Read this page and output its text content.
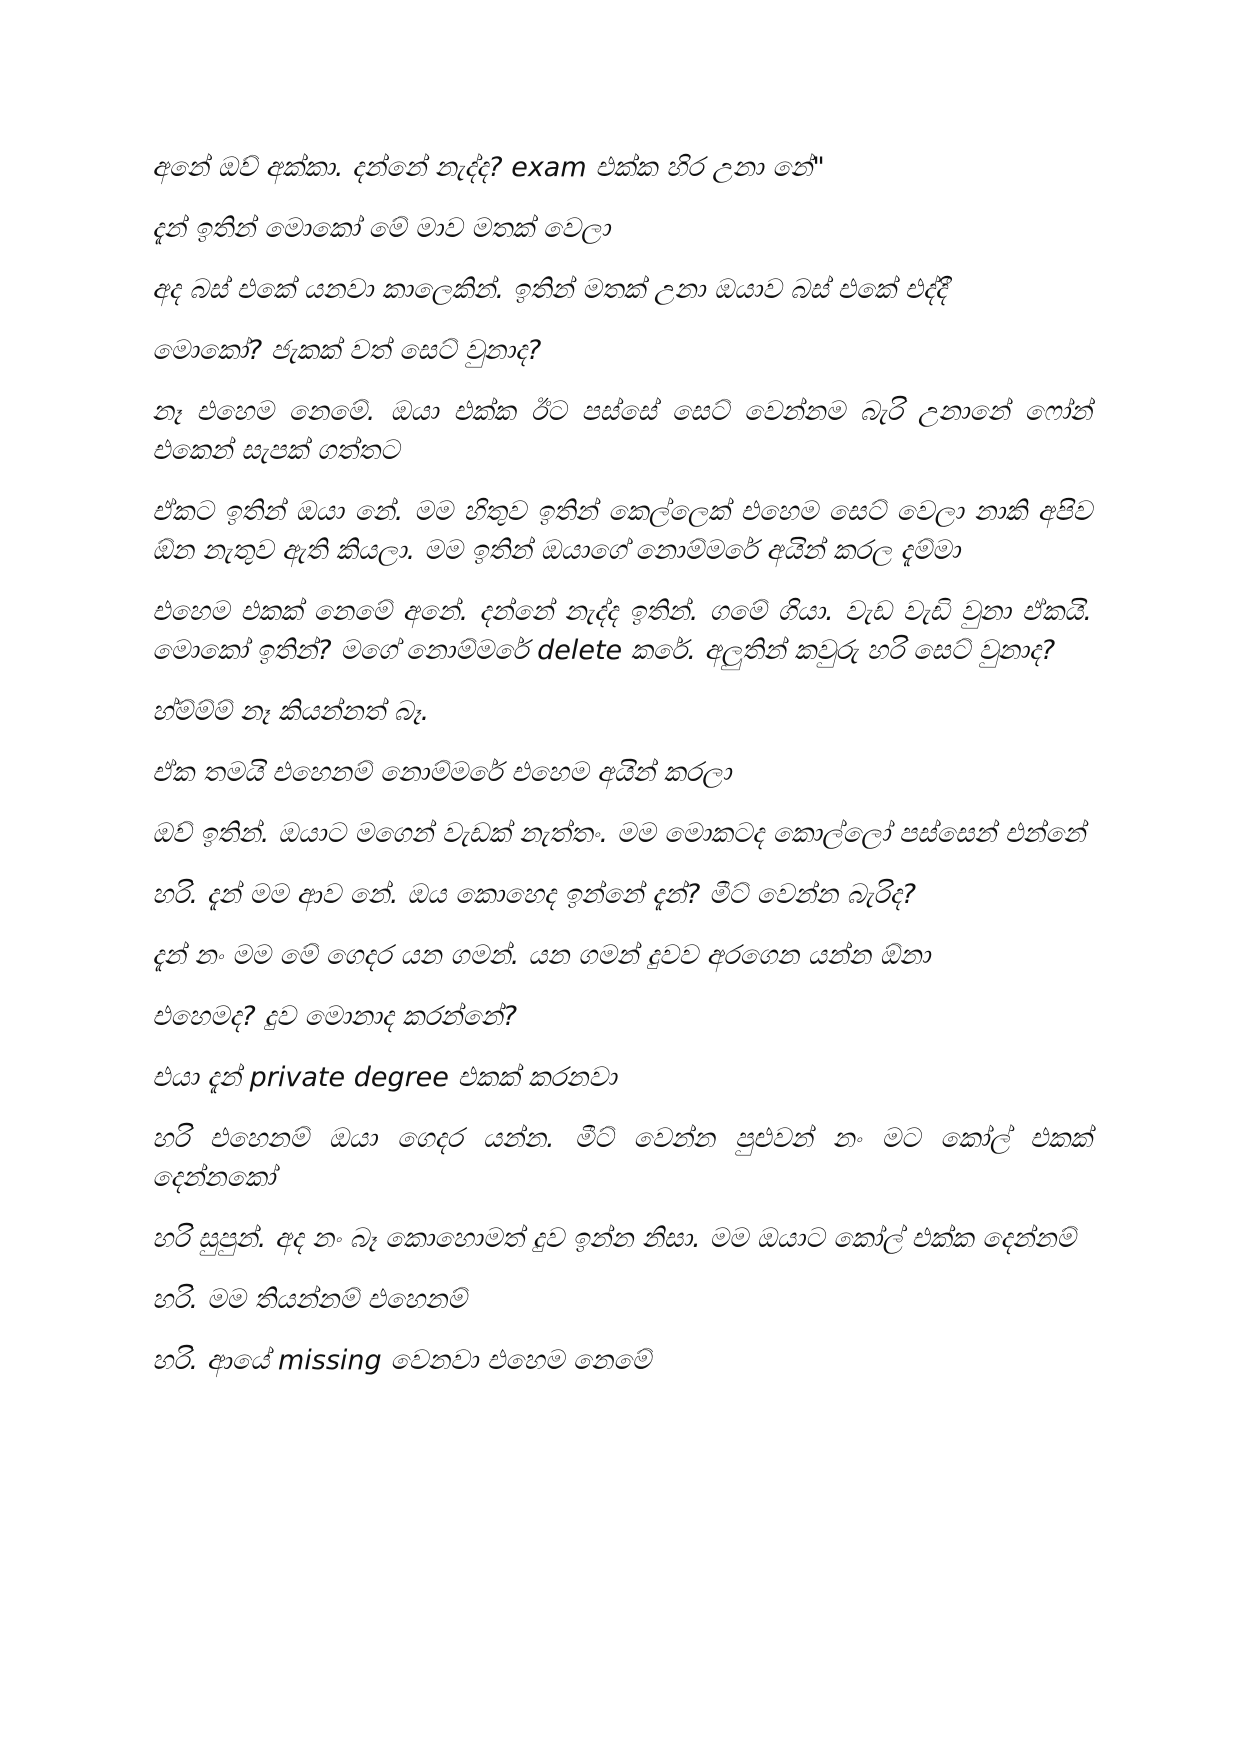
අනේ ඔව් අක්කා. දන්නේ නැද්ද? exam එක්ක හිර උනා නේ"

දැන් ඉතින් මොකෝ මේ මාව මතක් වෙලා

අද බස් එකේ යනවා කාලෙකින්. ඉතින් මතක් උනා ඔයාව බස් එකේ එද්දී

මොකෝ? ජැකක් වත් සෙට් වුනාද?

නෑ එහෙම නෙමේ. ඔයා එක්ක ඊට පස්සේ සෙට් වෙන්නම බැරි උනානේ ෆෝන් එකෙන් සැපක් ගත්තට

ඒකට ඉතින් ඔයා නේ. මම හිතුව ඉතින් කෙල්ලෙක් එහෙම සෙට් වෙලා නාකි අපිව ඕන නැතුව ඇති කියලා. මම ඉතින් ඔයාගේ නොම්මරේ අයින් කරල දැම්මා

එහෙම එකක් නෙමේ අනේ. දන්නේ නැද්ද ඉතින්. ගමේ ගියා. වැඩ වැඩි වුනා ඒකයි. මොකෝ ඉතින්? මගේ නොම්මරේ delete කරේ. අලුතින් කවුරු හරි සෙට් වුනාද?

හ්ම්ම්ම් නෑ කියන්නත් බෑ.

ඒක තමයි එහෙනම් නොම්මරේ එහෙම අයින් කරලා

ඔව් ඉතින්. ඔයාට මගෙන් වැඩක් නැත්තං. මම මොකටද කොල්ලෝ පස්සෙන් එන්නේ

හරි. දැන් මම ආව නේ. ඔය කොහෙද ඉන්නේ දැන්? මීට් වෙන්න බැරිද?

දැන් නං මම මේ ගෙදර යන ගමන්. යන ගමන් දුවව අරගෙන යන්න ඕනා

එහෙමද? දුව මොනාද කරන්නේ?

එයා දැන් private degree එකක් කරනවා

හරි එහෙනම් ඔයා ගෙදර යන්න. මීට් වෙන්න පුළුවන් නං මට කෝල් එකක් දෙන්නකෝ

හරි සුපුන්. අද නං බෑ කොහොමත් දුව ඉන්න නිසා. මම ඔයාට කෝල් එක්ක දෙන්නම්

හරි. මම තියන්නම් එහෙනම්

හරි. ආයේ missing වෙනවා එහෙම නෙමේ
